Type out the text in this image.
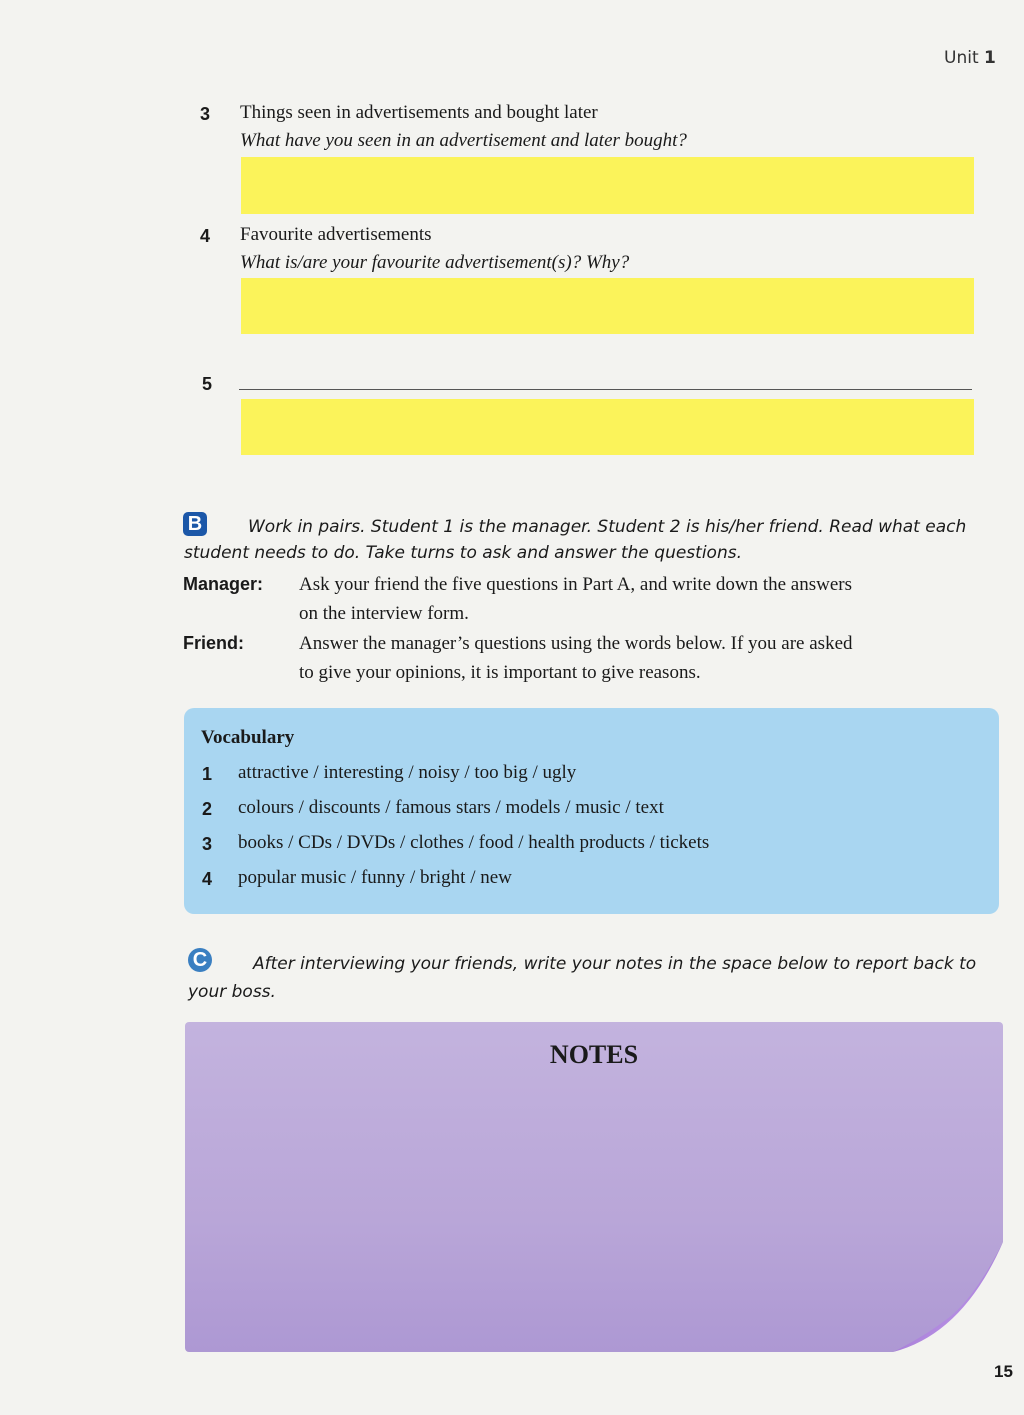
Unit 1
3 Things seen in advertisements and bought later
What have you seen in an advertisement and later bought?
4 Favourite advertisements
What is/are your favourite advertisement(s)? Why?
5
B	Work in pairs. Student 1 is the manager. Student 2 is his/her friend. Read what each
student needs to do. Take turns to ask and answer the questions.
Manager: Ask your friend the five questions in Part A, and write down the answers
on the interview form.
Friend:	Answer the manager’s questions using the words below. If you are asked
to give your opinions, it is important to give reasons.
Vocabulary
1 attractive / interesting / noisy / too big / ugly
2 colours / discounts / famous stars / models / music / text
3 books / CDs / DVDs / clothes / food / health products / tickets
4 popular music / funny / bright / new
C	After interviewing your friends, write your notes in the space below to report back to
your boss.
NOTES
15
